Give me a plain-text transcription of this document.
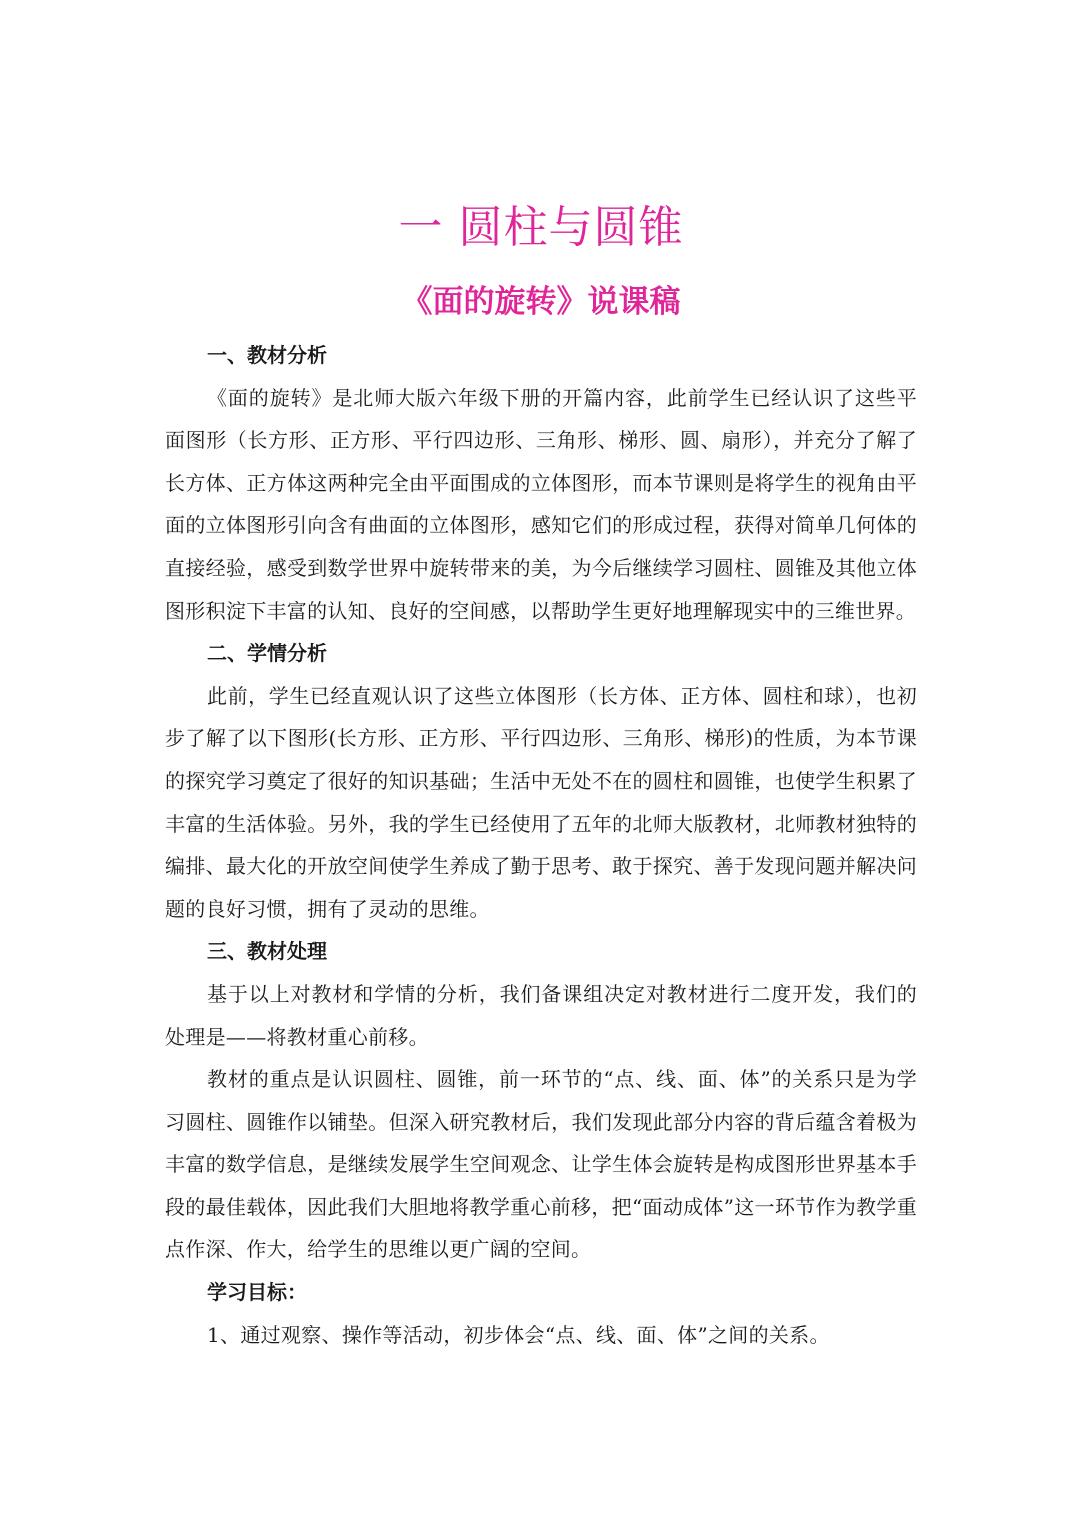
一 圆柱与圆锥
《面的旋转》说课稿
一、教材分析

《面的旋转》是北师大版六年级下册的开篇内容，此前学生已经认识了这些平面图形（长方形、正方形、平行四边形、三角形、梯形、圆、扇形），并充分了解了长方体、正方体这两种完全由平面围成的立体图形，而本节课则是将学生的视角由平面的立体图形引向含有曲面的立体图形，感知它们的形成过程，获得对简单几何体的直接经验，感受到数学世界中旋转带来的美，为今后继续学习圆柱、圆锥及其他立体图形积淀下丰富的认知、良好的空间感，以帮助学生更好地理解现实中的三维世界。

二、学情分析

此前，学生已经直观认识了这些立体图形（长方体、正方体、圆柱和球），也初步了解了以下图形(长方形、正方形、平行四边形、三角形、梯形)的性质，为本节课的探究学习奠定了很好的知识基础；生活中无处不在的圆柱和圆锥，也使学生积累了丰富的生活体验。另外，我的学生已经使用了五年的北师大版教材，北师教材独特的编排、最大化的开放空间使学生养成了勤于思考、敢于探究、善于发现问题并解决问题的良好习惯，拥有了灵动的思维。

三、教材处理

基于以上对教材和学情的分析，我们备课组决定对教材进行二度开发，我们的处理是——将教材重心前移。

教材的重点是认识圆柱、圆锥，前一环节的“点、线、面、体”的关系只是为学习圆柱、圆锥作以铺垫。但深入研究教材后，我们发现此部分内容的背后蕴含着极为丰富的数学信息，是继续发展学生空间观念、让学生体会旋转是构成图形世界基本手段的最佳载体，因此我们大胆地将教学重心前移，把“面动成体”这一环节作为教学重点作深、作大，给学生的思维以更广阔的空间。

学习目标：

1、通过观察、操作等活动，初步体会“点、线、面、体”之间的关系。
